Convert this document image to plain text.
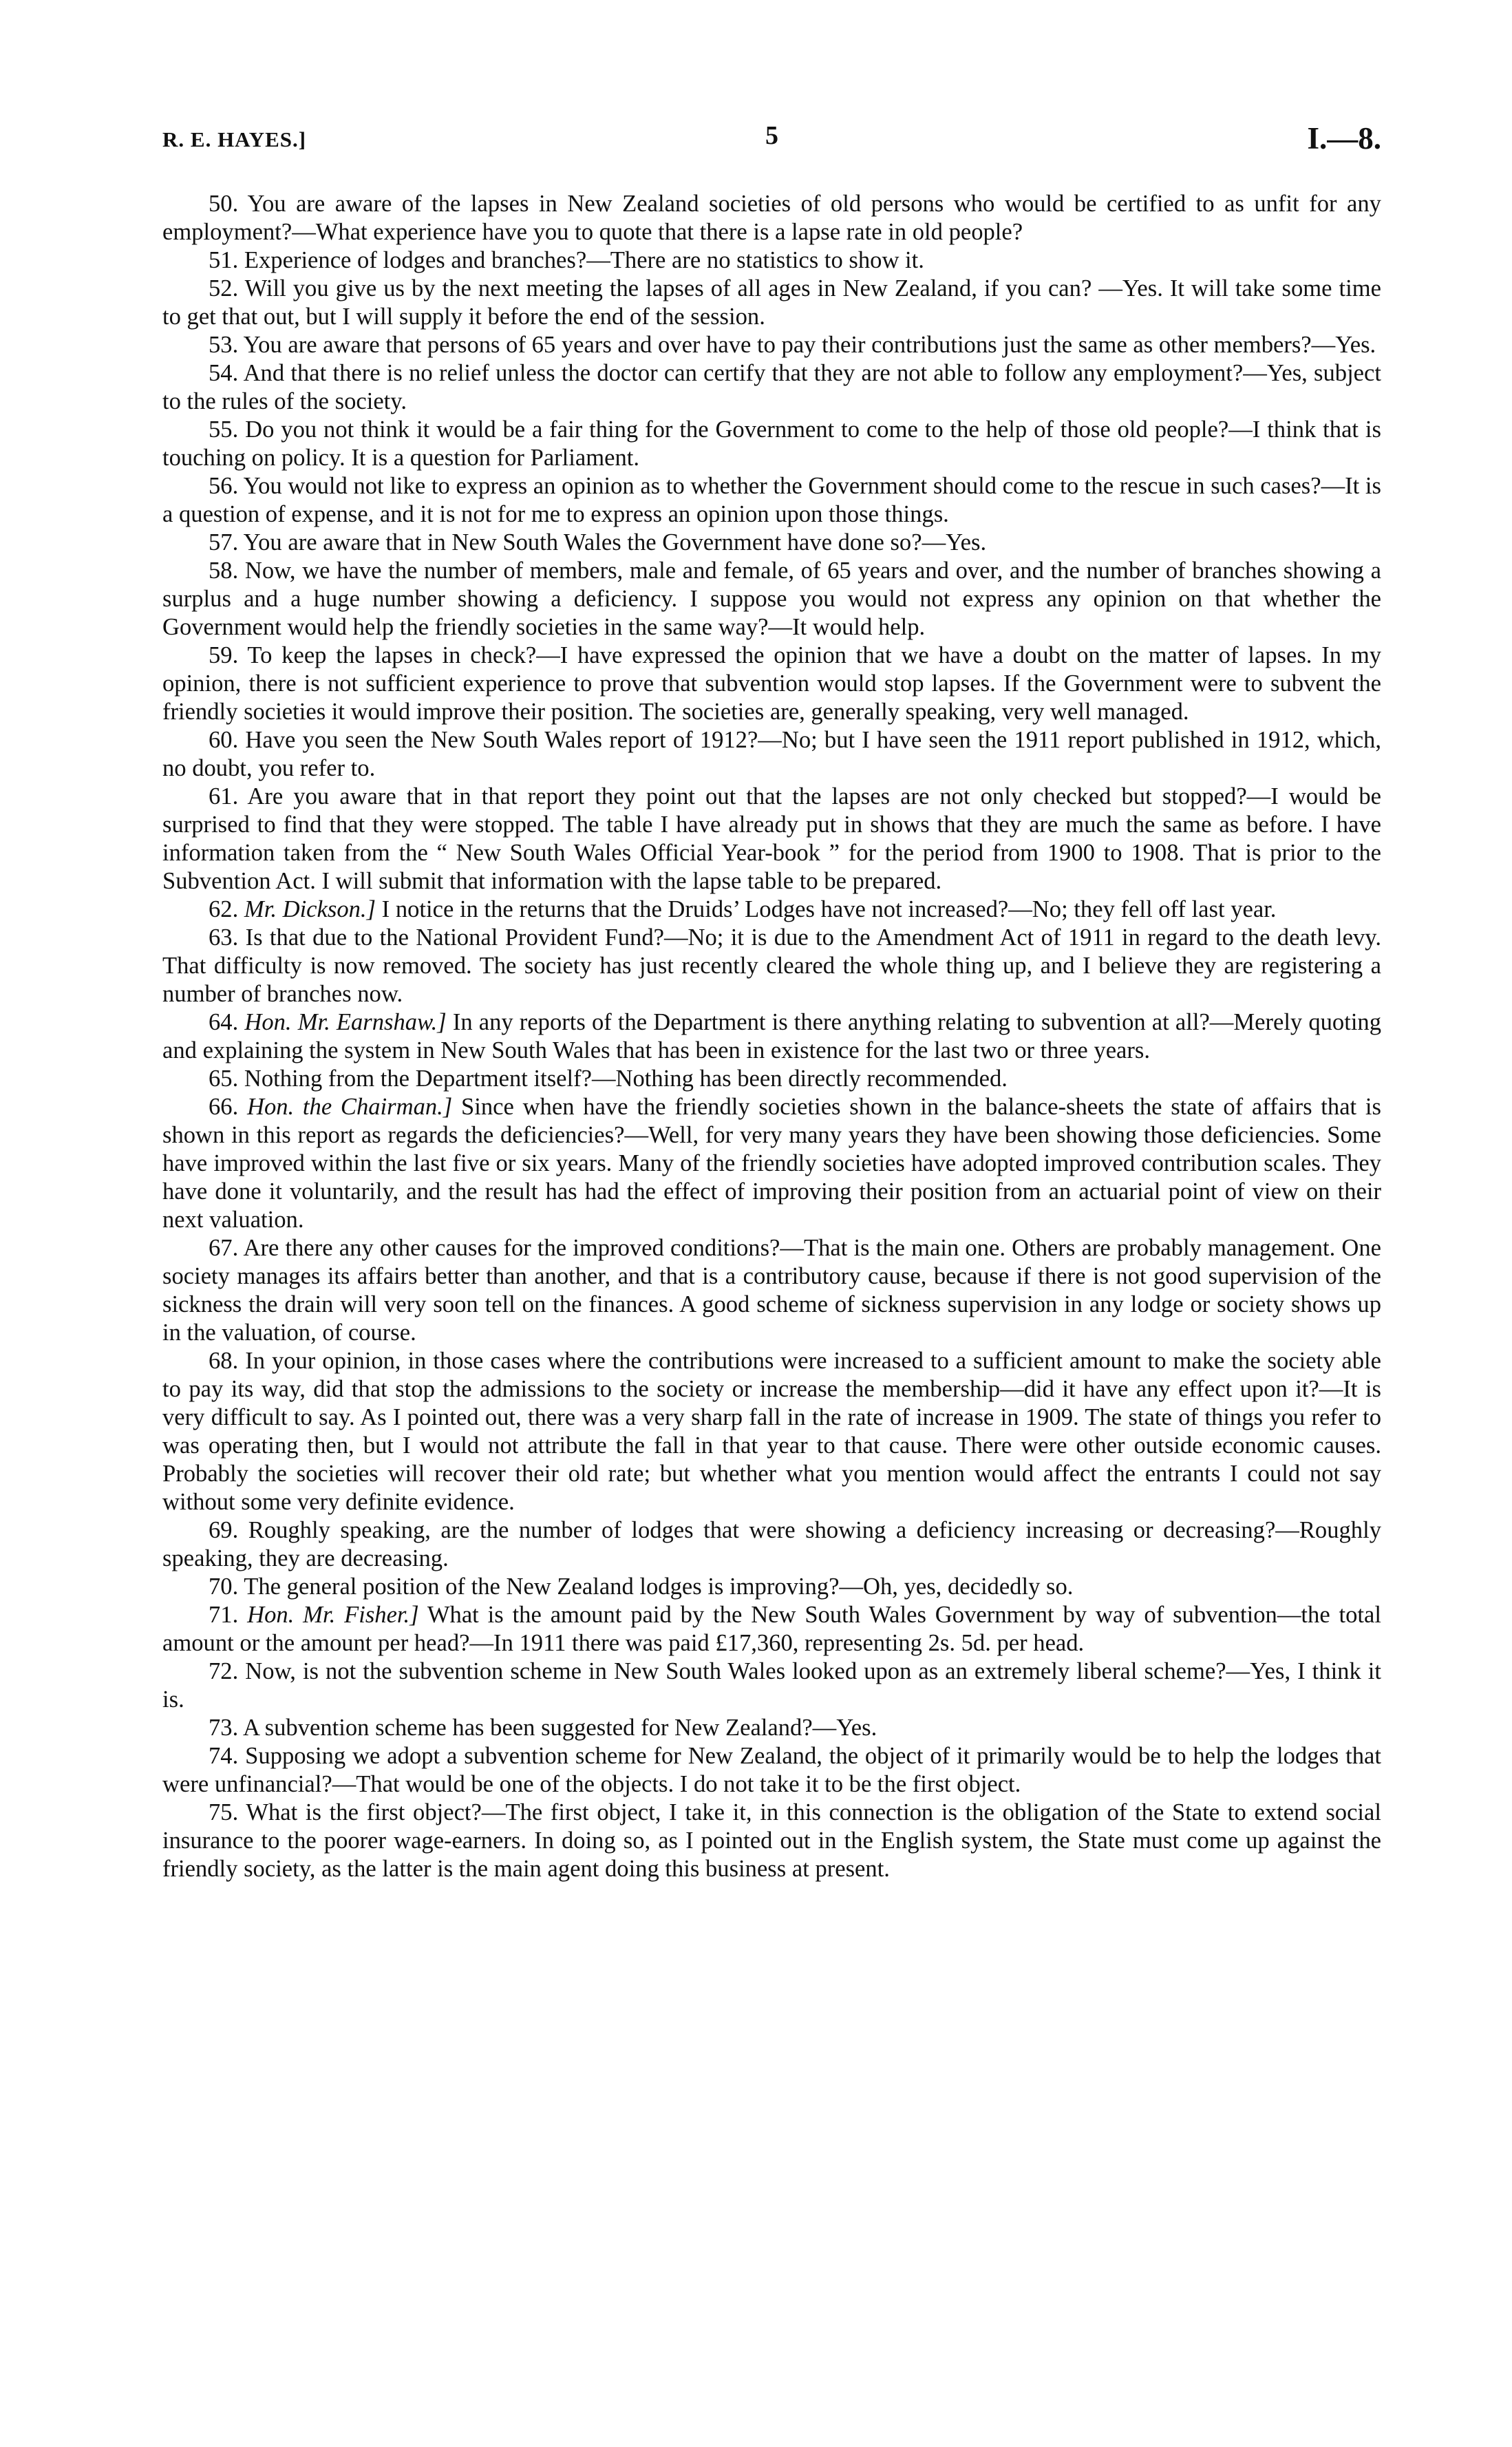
R. E. HAYES.]	5	I.—8.

50. You are aware of the lapses in New Zealand societies of old persons who would be certified to as unfit for any employment?—What experience have you to quote that there is a lapse rate in old people?

51. Experience of lodges and branches?—There are no statistics to show it.

52. Will you give us by the next meeting the lapses of all ages in New Zealand, if you can? —Yes. It will take some time to get that out, but I will supply it before the end of the session.

53. You are aware that persons of 65 years and over have to pay their contributions just the same as other members?—Yes.

54. And that there is no relief unless the doctor can certify that they are not able to follow any employment?—Yes, subject to the rules of the society.

55. Do you not think it would be a fair thing for the Government to come to the help of those old people?—I think that is touching on policy. It is a question for Parliament.

56. You would not like to express an opinion as to whether the Government should come to the rescue in such cases?—It is a question of expense, and it is not for me to express an opinion upon those things.

57. You are aware that in New South Wales the Government have done so?—Yes.

58. Now, we have the number of members, male and female, of 65 years and over, and the number of branches showing a surplus and a huge number showing a deficiency. I suppose you would not express any opinion on that whether the Government would help the friendly societies in the same way?—It would help.

59. To keep the lapses in check?—I have expressed the opinion that we have a doubt on the matter of lapses. In my opinion, there is not sufficient experience to prove that subvention would stop lapses. If the Government were to subvent the friendly societies it would improve their position. The societies are, generally speaking, very well managed.

60. Have you seen the New South Wales report of 1912?—No; but I have seen the 1911 report published in 1912, which, no doubt, you refer to.

61. Are you aware that in that report they point out that the lapses are not only checked but stopped?—I would be surprised to find that they were stopped. The table I have already put in shows that they are much the same as before. I have information taken from the “ New South Wales Official Year-book ” for the period from 1900 to 1908. That is prior to the Subvention Act. I will submit that information with the lapse table to be prepared.

62. Mr. Dickson.] I notice in the returns that the Druids’ Lodges have not increased?—No; they fell off last year.

63. Is that due to the National Provident Fund?—No; it is due to the Amendment Act of 1911 in regard to the death levy. That difficulty is now removed. The society has just recently cleared the whole thing up, and I believe they are registering a number of branches now.

64. Hon. Mr. Earnshaw.] In any reports of the Department is there anything relating to subvention at all?—Merely quoting and explaining the system in New South Wales that has been in existence for the last two or three years.

65. Nothing from the Department itself?—Nothing has been directly recommended.

66. Hon. the Chairman.] Since when have the friendly societies shown in the balance-sheets the state of affairs that is shown in this report as regards the deficiencies?—Well, for very many years they have been showing those deficiencies. Some have improved within the last five or six years. Many of the friendly societies have adopted improved contribution scales. They have done it voluntarily, and the result has had the effect of improving their position from an actuarial point of view on their next valuation.

67. Are there any other causes for the improved conditions?—That is the main one. Others are probably management. One society manages its affairs better than another, and that is a contributory cause, because if there is not good supervision of the sickness the drain will very soon tell on the finances. A good scheme of sickness supervision in any lodge or society shows up in the valuation, of course.

68. In your opinion, in those cases where the contributions were increased to a sufficient amount to make the society able to pay its way, did that stop the admissions to the society or increase the membership—did it have any effect upon it?—It is very difficult to say. As I pointed out, there was a very sharp fall in the rate of increase in 1909. The state of things you refer to was operating then, but I would not attribute the fall in that year to that cause. There were other outside economic causes. Probably the societies will recover their old rate; but whether what you mention would affect the entrants I could not say without some very definite evidence.

69. Roughly speaking, are the number of lodges that were showing a deficiency increasing or decreasing?—Roughly speaking, they are decreasing.

70. The general position of the New Zealand lodges is improving?—Oh, yes, decidedly so.

71. Hon. Mr. Fisher.] What is the amount paid by the New South Wales Government by way of subvention—the total amount or the amount per head?—In 1911 there was paid £17,360, representing 2s. 5d. per head.

72. Now, is not the subvention scheme in New South Wales looked upon as an extremely liberal scheme?—Yes, I think it is.

73. A subvention scheme has been suggested for New Zealand?—Yes.

74. Supposing we adopt a subvention scheme for New Zealand, the object of it primarily would be to help the lodges that were unfinancial?—That would be one of the objects. I do not take it to be the first object.

75. What is the first object?—The first object, I take it, in this connection is the obligation of the State to extend social insurance to the poorer wage-earners. In doing so, as I pointed out in the English system, the State must come up against the friendly society, as the latter is the main agent doing this business at present.
